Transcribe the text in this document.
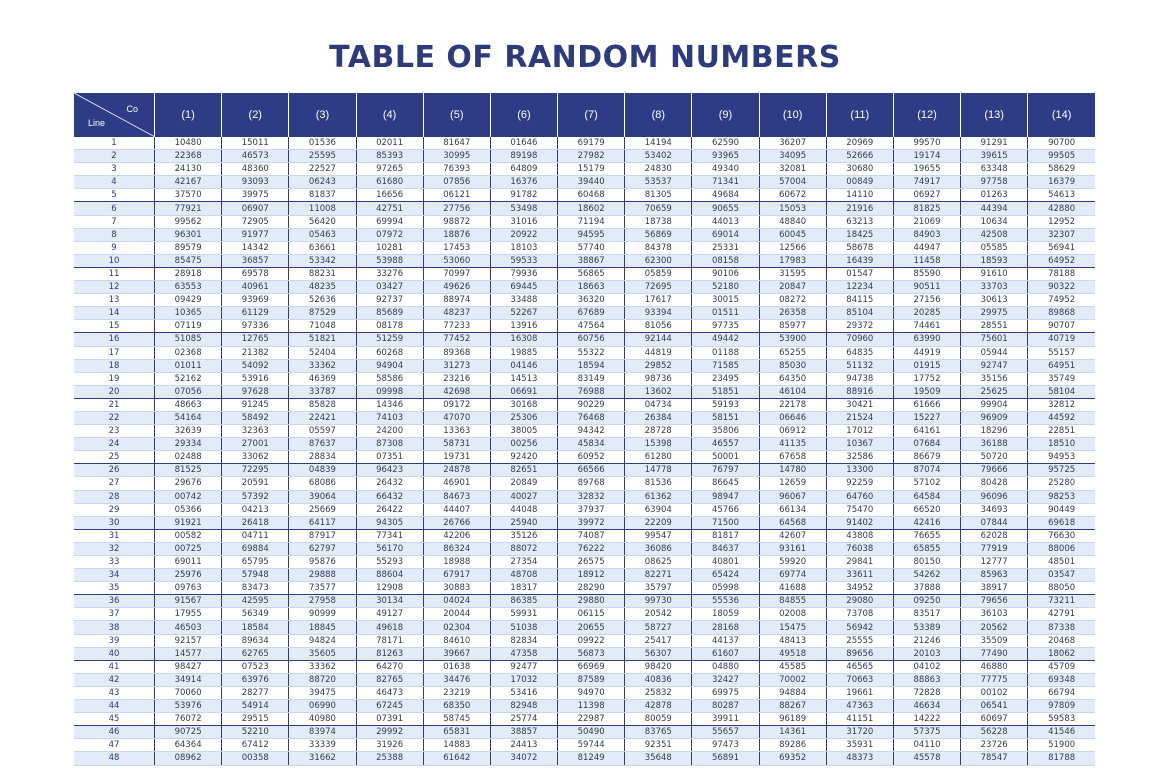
TABLE OF RANDOM NUMBERS
Co
Line	(1)	(2)	(3)	(4)	(5)	(6)	(7)	(8)	(9)	(10)	(11)	(12)	(13)	(14)
1	10480	15011	01536	02011	81647	01646	69179	14194	62590	36207	20969	99570	91291	90700
2	22368	46573	25595	85393	30995	89198	27982	53402	93965	34095	52666	19174	39615	99505
3	24130	48360	22527	97265	76393	64809	15179	24830	49340	32081	30680	19655	63348	58629
4	42167	93093	06243	61680	07856	16376	39440	53537	71341	57004	00849	74917	97758	16379
5	37570	39975	81837	16656	06121	91782	60468	81305	49684	60672	14110	06927	01263	54613
6	77921	06907	11008	42751	27756	53498	18602	70659	90655	15053	21916	81825	44394	42880
7	99562	72905	56420	69994	98872	31016	71194	18738	44013	48840	63213	21069	10634	12952
8	96301	91977	05463	07972	18876	20922	94595	56869	69014	60045	18425	84903	42508	32307
9	89579	14342	63661	10281	17453	18103	57740	84378	25331	12566	58678	44947	05585	56941
10	85475	36857	53342	53988	53060	59533	38867	62300	08158	17983	16439	11458	18593	64952
11	28918	69578	88231	33276	70997	79936	56865	05859	90106	31595	01547	85590	91610	78188
12	63553	40961	48235	03427	49626	69445	18663	72695	52180	20847	12234	90511	33703	90322
13	09429	93969	52636	92737	88974	33488	36320	17617	30015	08272	84115	27156	30613	74952
14	10365	61129	87529	85689	48237	52267	67689	93394	01511	26358	85104	20285	29975	89868
15	07119	97336	71048	08178	77233	13916	47564	81056	97735	85977	29372	74461	28551	90707
16	51085	12765	51821	51259	77452	16308	60756	92144	49442	53900	70960	63990	75601	40719
17	02368	21382	52404	60268	89368	19885	55322	44819	01188	65255	64835	44919	05944	55157
18	01011	54092	33362	94904	31273	04146	18594	29852	71585	85030	51132	01915	92747	64951
19	52162	53916	46369	58586	23216	14513	83149	98736	23495	64350	94738	17752	35156	35749
20	07056	97628	33787	09998	42698	06691	76988	13602	51851	46104	88916	19509	25625	58104
21	48663	91245	85828	14346	09172	30168	90229	04734	59193	22178	30421	61666	99904	32812
22	54164	58492	22421	74103	47070	25306	76468	26384	58151	06646	21524	15227	96909	44592
23	32639	32363	05597	24200	13363	38005	94342	28728	35806	06912	17012	64161	18296	22851
24	29334	27001	87637	87308	58731	00256	45834	15398	46557	41135	10367	07684	36188	18510
25	02488	33062	28834	07351	19731	92420	60952	61280	50001	67658	32586	86679	50720	94953
26	81525	72295	04839	96423	24878	82651	66566	14778	76797	14780	13300	87074	79666	95725
27	29676	20591	68086	26432	46901	20849	89768	81536	86645	12659	92259	57102	80428	25280
28	00742	57392	39064	66432	84673	40027	32832	61362	98947	96067	64760	64584	96096	98253
29	05366	04213	25669	26422	44407	44048	37937	63904	45766	66134	75470	66520	34693	90449
30	91921	26418	64117	94305	26766	25940	39972	22209	71500	64568	91402	42416	07844	69618
31	00582	04711	87917	77341	42206	35126	74087	99547	81817	42607	43808	76655	62028	76630
32	00725	69884	62797	56170	86324	88072	76222	36086	84637	93161	76038	65855	77919	88006
33	69011	65795	95876	55293	18988	27354	26575	08625	40801	59920	29841	80150	12777	48501
34	25976	57948	29888	88604	67917	48708	18912	82271	65424	69774	33611	54262	85963	03547
35	09763	83473	73577	12908	30883	18317	28290	35797	05998	41688	34952	37888	38917	88050
36	91567	42595	27958	30134	04024	86385	29880	99730	55536	84855	29080	09250	79656	73211
37	17955	56349	90999	49127	20044	59931	06115	20542	18059	02008	73708	83517	36103	42791
38	46503	18584	18845	49618	02304	51038	20655	58727	28168	15475	56942	53389	20562	87338
39	92157	89634	94824	78171	84610	82834	09922	25417	44137	48413	25555	21246	35509	20468
40	14577	62765	35605	81263	39667	47358	56873	56307	61607	49518	89656	20103	77490	18062
41	98427	07523	33362	64270	01638	92477	66969	98420	04880	45585	46565	04102	46880	45709
42	34914	63976	88720	82765	34476	17032	87589	40836	32427	70002	70663	88863	77775	69348
43	70060	28277	39475	46473	23219	53416	94970	25832	69975	94884	19661	72828	00102	66794
44	53976	54914	06990	67245	68350	82948	11398	42878	80287	88267	47363	46634	06541	97809
45	76072	29515	40980	07391	58745	25774	22987	80059	39911	96189	41151	14222	60697	59583
46	90725	52210	83974	29992	65831	38857	50490	83765	55657	14361	31720	57375	56228	41546
47	64364	67412	33339	31926	14883	24413	59744	92351	97473	89286	35931	04110	23726	51900
48	08962	00358	31662	25388	61642	34072	81249	35648	56891	69352	48373	45578	78547	81788
